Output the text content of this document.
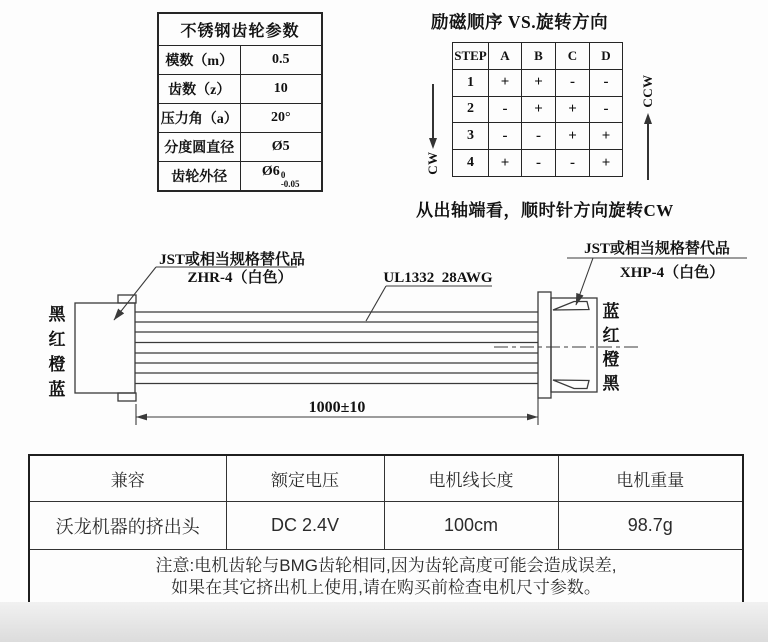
不锈钢齿轮参数	
模数（m）	0.5
齿数（z）	10
压力角（a）	20°
分度圆直径	Ø5
齿轮外径	Ø6 0
-0.05
励磁顺序 VS.旋转方向
STEP	A	B	C	D
1	+	+	-	-
2	-	+	+	-
3	-	-	+	+
4	+	-	-	+
CW
CCW
从出轴端看，顺时针方向旋转CW
JST或相当规格替代品
ZHR-4（白色）
JST或相当规格替代品
XHP-4（白色）
UL1332  28AWG
1000±10
黑
红
橙
蓝
蓝
红
橙
黑
兼容	额定电压	电机线长度	电机重量
沃龙机器的挤出头	DC 2.4V	100cm	98.7g

注意:电机齿轮与BMG齿轮相同,因为齿轮高度可能会造成误差,
如果在其它挤出机上使用,请在购买前检查电机尺寸参数。			
